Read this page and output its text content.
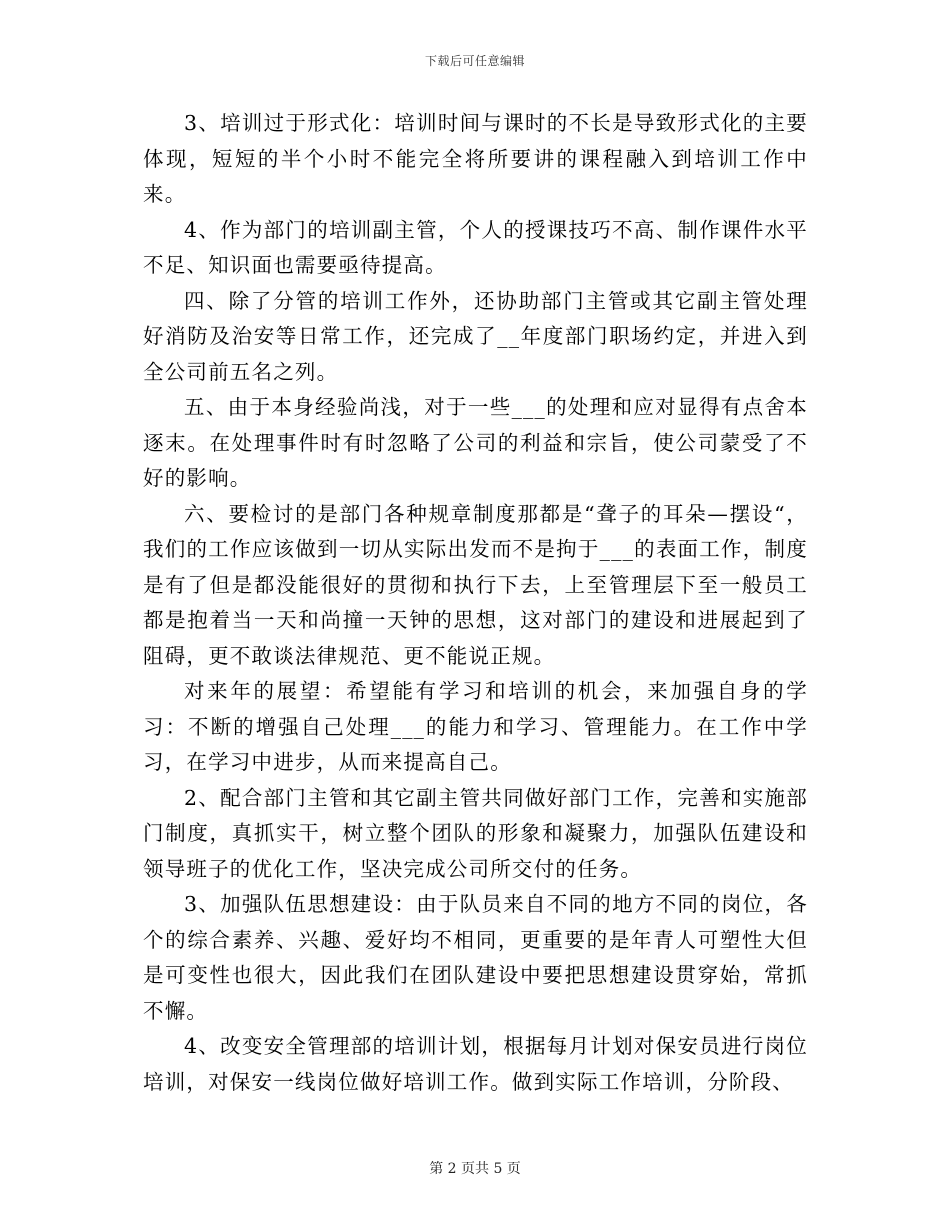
下载后可任意编辑

3、培训过于形式化：培训时间与课时的不长是导致形式化的主要体现，短短的半个小时不能完全将所要讲的课程融入到培训工作中来。

4、作为部门的培训副主管，个人的授课技巧不高、制作课件水平不足、知识面也需要亟待提高。

四、除了分管的培训工作外，还协助部门主管或其它副主管处理好消防及治安等日常工作，还完成了__年度部门职场约定，并进入到全公司前五名之列。

五、由于本身经验尚浅，对于一些___的处理和应对显得有点舍本逐末。在处理事件时有时忽略了公司的利益和宗旨，使公司蒙受了不好的影响。

六、要检讨的是部门各种规章制度那都是“聋子的耳朵—摆设“，我们的工作应该做到一切从实际出发而不是拘于___的表面工作，制度是有了但是都没能很好的贯彻和执行下去，上至管理层下至一般员工都是抱着当一天和尚撞一天钟的思想，这对部门的建设和进展起到了阻碍，更不敢谈法律规范、更不能说正规。

对来年的展望：希望能有学习和培训的机会，来加强自身的学习：不断的增强自己处理___的能力和学习、管理能力。在工作中学习，在学习中进步，从而来提高自己。

2、配合部门主管和其它副主管共同做好部门工作，完善和实施部门制度，真抓实干，树立整个团队的形象和凝聚力，加强队伍建设和领导班子的优化工作，坚决完成公司所交付的任务。

3、加强队伍思想建设：由于队员来自不同的地方不同的岗位，各个的综合素养、兴趣、爱好均不相同，更重要的是年青人可塑性大但是可变性也很大，因此我们在团队建设中要把思想建设贯穿始，常抓不懈。

4、改变安全管理部的培训计划，根据每月计划对保安员进行岗位培训，对保安一线岗位做好培训工作。做到实际工作培训，分阶段、

第 2 页共 5 页
